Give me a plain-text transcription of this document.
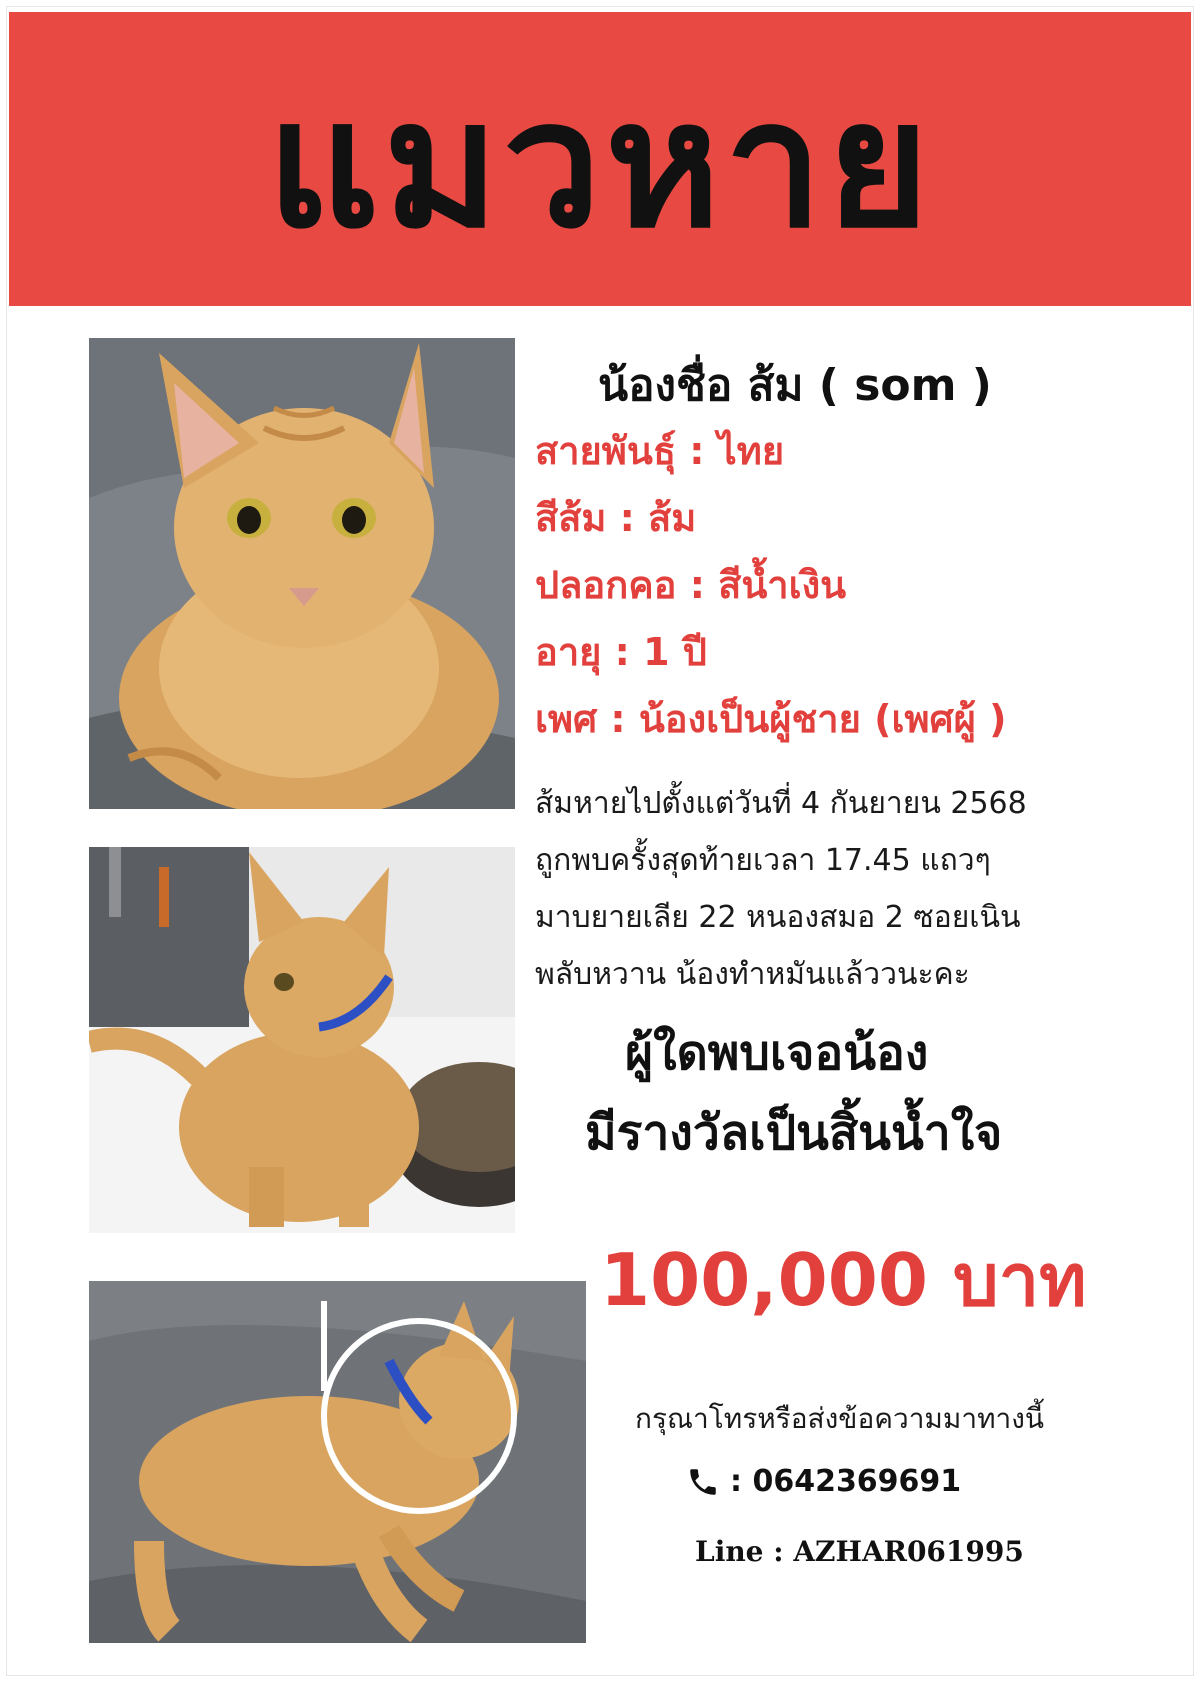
แมวหาย
น้องชื่อ ส้ม ( som )
สายพันธุ์ : ไทย
สีส้ม : ส้ม
ปลอกคอ : สีน้ำเงิน
อายุ : 1 ปี
เพศ : น้องเป็นผู้ชาย (เพศผู้ )
ส้มหายไปตั้งแต่วันที่ 4 กันยายน 2568
ถูกพบครั้งสุดท้ายเวลา 17.45 แถวๆ
มาบยายเลีย 22 หนองสมอ 2 ซอยเนิน
พลับหวาน น้องทำหมันแล้ววนะคะ
ผู้ใดพบเจอน้อง
มีรางวัลเป็นสิ้นน้ำใจ
100,000 บาท
กรุณาโทรหรือส่งข้อความมาทางนี้
: 0642369691
Line : AZHAR061995
